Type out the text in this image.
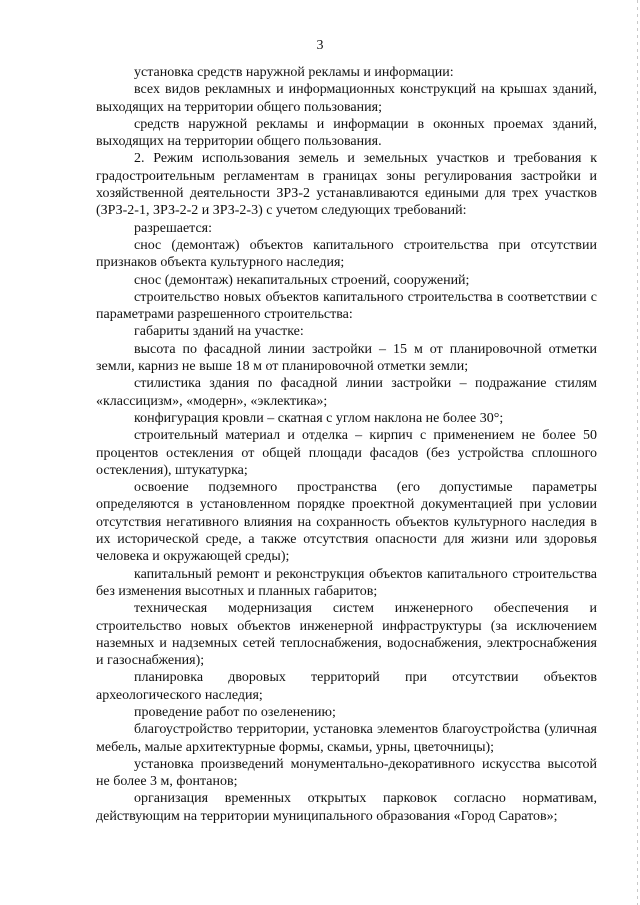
3

установка средств наружной рекламы и информации:

всех видов рекламных и информационных конструкций на крышах зданий, выходящих на территории общего пользования;

средств наружной рекламы и информации в оконных проемах зданий, выходящих на территории общего пользования.

2. Режим использования земель и земельных участков и требования к градостроительным регламентам в границах зоны регулирования застройки и хозяйственной деятельности ЗРЗ-2 устанавливаются едиными для трех участков (ЗРЗ-2-1, ЗРЗ-2-2 и ЗРЗ-2-3) с учетом следующих требований:

разрешается:

снос (демонтаж) объектов капитального строительства при отсутствии признаков объекта культурного наследия;

снос (демонтаж) некапитальных строений, сооружений;

строительство новых объектов капитального строительства в соответствии с параметрами разрешенного строительства:

габариты зданий на участке:

высота по фасадной линии застройки – 15 м от планировочной отметки земли, карниз не выше 18 м от планировочной отметки земли;

стилистика здания по фасадной линии застройки – подражание стилям «классицизм», «модерн», «эклектика»;

конфигурация кровли – скатная с углом наклона не более 30°;

строительный материал и отделка – кирпич с применением не более 50 процентов остекления от общей площади фасадов (без устройства сплошного остекления), штукатурка;

освоение подземного пространства (его допустимые параметры определяются в установленном порядке проектной документацией при условии отсутствия негативного влияния на сохранность объектов культурного наследия в их исторической среде, а также отсутствия опасности для жизни или здоровья человека и окружающей среды);

капитальный ремонт и реконструкция объектов капитального строительства без изменения высотных и планных габаритов;

техническая модернизация систем инженерного обеспечения и строительство новых объектов инженерной инфраструктуры (за исключением наземных и надземных сетей теплоснабжения, водоснабжения, электроснабжения и газоснабжения);

планировка дворовых территорий при отсутствии объектов археологического наследия;

проведение работ по озеленению;

благоустройство территории, установка элементов благоустройства (уличная мебель, малые архитектурные формы, скамьи, урны, цветочницы);

установка произведений монументально-декоративного искусства высотой не более 3 м, фонтанов;

организация временных открытых парковок согласно нормативам, действующим на территории муниципального образования «Город Саратов»;
